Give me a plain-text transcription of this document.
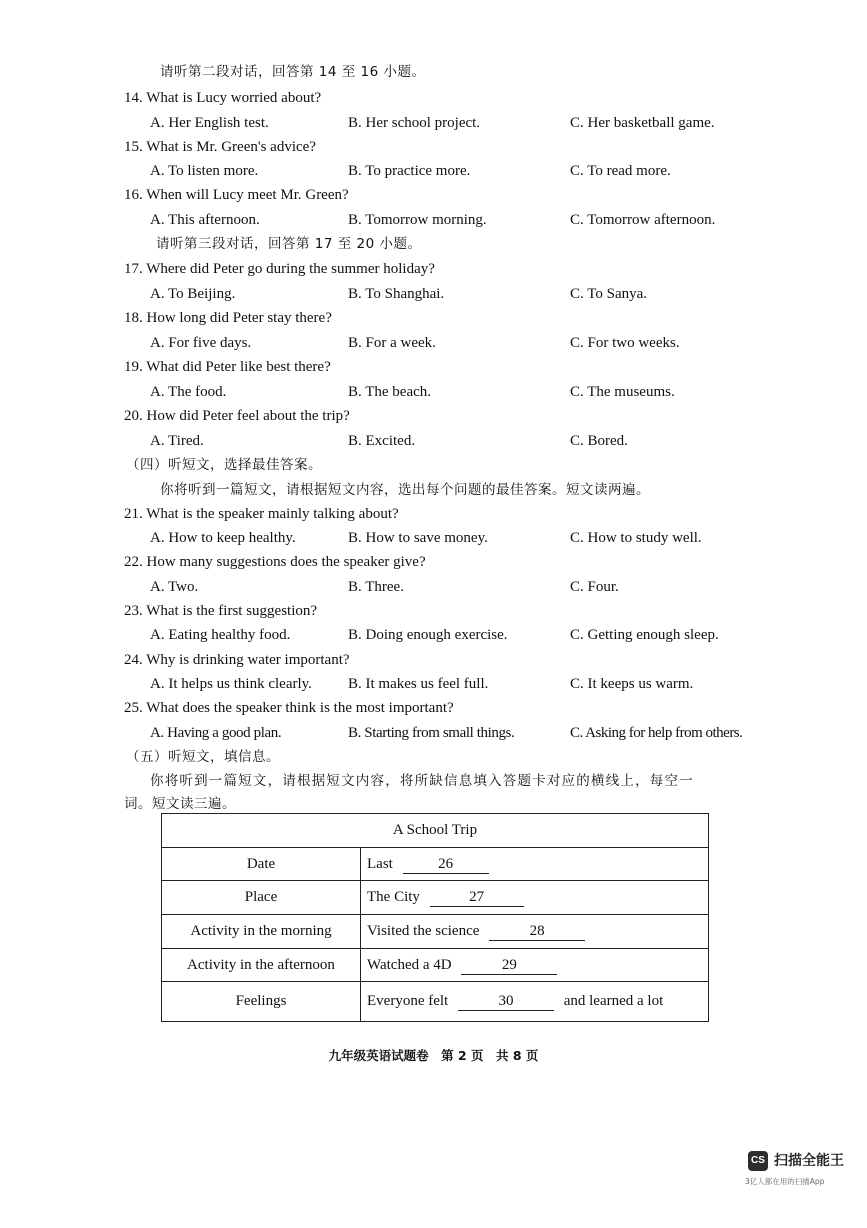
请听第二段对话，回答第 14 至 16 小题。
14. What is Lucy worried about?
A. Her English test.	B. Her school project.	C. Her basketball game.
15. What is Mr. Green's advice?
A. To listen more.	B. To practice more.	C. To read more.
16. When will Lucy meet Mr. Green?
A. This afternoon.	B. Tomorrow morning.	C. Tomorrow afternoon.
请听第三段对话，回答第 17 至 20 小题。
17. Where did Peter go during the summer holiday?
A. To Beijing.	B. To Shanghai.	C. To Sanya.
18. How long did Peter stay there?
A. For five days.	B. For a week.	C. For two weeks.
19. What did Peter like best there?
A. The food.	B. The beach.	C. The museums.
20. How did Peter feel about the trip?
A. Tired.	B. Excited.	C. Bored.
（四）听短文，选择最佳答案。
你将听到一篇短文，请根据短文内容，选出每个问题的最佳答案。短文读两遍。
21. What is the speaker mainly talking about?
A. How to keep healthy.	B. How to save money.	C. How to study well.
22. How many suggestions does the speaker give?
A. Two.	B. Three.	C. Four.
23. What is the first suggestion?
A. Eating healthy food.	B. Doing enough exercise.	C. Getting enough sleep.
24. Why is drinking water important?
A. It helps us think clearly. B. It makes us feel full.	C. It keeps us warm.
25. What does the speaker think is the most important?
A. Having a good plan.	B. Starting from small things.	C. Asking for help from others.
（五）听短文，填信息。
你将听到一篇短文，请根据短文内容，将所缺信息填入答题卡对应的横线上，每空一
词。短文读三遍。
A School Trip	
Date	Last 26
Place	The City 27
Activity in the morning	Visited the science 28
Activity in the afternoon	Watched a 4D 29
Feelings	Everyone felt 30 and learned a lot
九年级英语试题卷　第 2 页　共 8 页
CS 扫描全能王
3亿人都在用的扫描App
